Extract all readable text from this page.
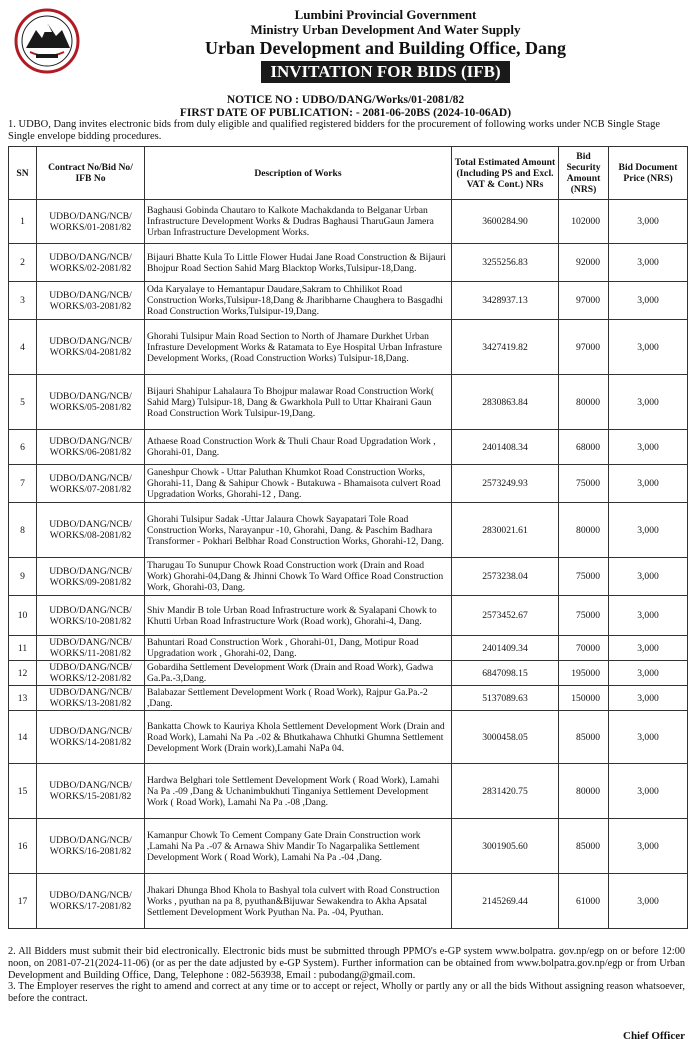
Lumbini Provincial Government
Ministry Urban Development And Water Supply
Urban Development and Building Office, Dang
INVITATION FOR BIDS (IFB)
NOTICE NO : UDBO/DANG/Works/01-2081/82
FIRST DATE OF PUBLICATION: - 2081-06-20BS (2024-10-06AD)
1. UDBO, Dang invites electronic bids from duly eligible and qualified registered bidders for the procurement of following works under NCB Single Stage Single envelope bidding procedures.
SN	Contract No/Bid No/ IFB No	Description of Works	Total Estimated Amount (Including PS and Excl. VAT & Cont.) NRs	Bid Security Amount (NRS)	Bid Document Price (NRS)
1	UDBO/DANG/NCB/ WORKS/01-2081/82	Baghausi Gobinda Chautaro to Kalkote Machakdanda to Belganar Urban Infrastructure Development Works & Dudras Baghausi TharuGaun Jamera Urban Infrastructure Development Works.	3600284.90	102000	3,000
2	UDBO/DANG/NCB/ WORKS/02-2081/82	Bijauri Bhatte Kula To Little Flower Hudai Jane Road Construction & Bijauri Bhojpur Road Section Sahid Marg Blacktop Works,Tulsipur-18,Dang.	3255256.83	92000	3,000
3	UDBO/DANG/NCB/ WORKS/03-2081/82	Oda Karyalaye to Hemantapur Daudare,Sakram to Chhilikot Road Construction Works,Tulsipur-18,Dang & Jharibharne Chaughera to Basgadhi Road Construction Works,Tulsipur-19,Dang.	3428937.13	97000	3,000
4	UDBO/DANG/NCB/ WORKS/04-2081/82	Ghorahi Tulsipur Main Road Section to North of Jhamare Durkhet Urban Infrasture Development Works & Ratamata to Eye Hospital Urban Infrasture Development Works, (Road Construction Works) Tulsipur-18,Dang.	3427419.82	97000	3,000
5	UDBO/DANG/NCB/ WORKS/05-2081/82	Bijauri Shahipur Lahalaura To Bhojpur malawar Road Construction Work( Sahid Marg) Tulsipur-18, Dang & Gwarkhola Pull to Uttar Khairani Gaun Road Construction Work Tulsipur-19,Dang.	2830863.84	80000	3,000
6	UDBO/DANG/NCB/ WORKS/06-2081/82	Athaese Road Construction Work & Thuli Chaur Road Upgradation Work , Ghorahi-01, Dang.	2401408.34	68000	3,000
7	UDBO/DANG/NCB/ WORKS/07-2081/82	Ganeshpur Chowk - Uttar Paluthan Khumkot Road Construction Works, Ghorahi-11, Dang & Sahipur Chowk - Butakuwa - Bhamaisota culvert Road Upgradation Works, Ghorahi-12 , Dang.	2573249.93	75000	3,000
8	UDBO/DANG/NCB/ WORKS/08-2081/82	Ghorahi Tulsipur Sadak -Uttar Jalaura Chowk Sayapatari Tole Road Construction Works, Narayanpur -10, Ghorahi, Dang. & Paschim Badhara Transformer - Pokhari Belbhar Road Construction Works, Ghorahi-12, Dang.	2830021.61	80000	3,000
9	UDBO/DANG/NCB/ WORKS/09-2081/82	Tharugau To Sunupur Chowk Road Construction work (Drain and Road Work) Ghorahi-04,Dang & Jhinni Chowk To Ward Office Road Construction Work, Ghorahi-03, Dang.	2573238.04	75000	3,000
10	UDBO/DANG/NCB/ WORKS/10-2081/82	Shiv Mandir B tole Urban Road Infrastructure work & Syalapani Chowk to Khutti Urban Road Infrastructure Work (Road work), Ghorahi-4, Dang.	2573452.67	75000	3,000
11	UDBO/DANG/NCB/ WORKS/11-2081/82	Bahuntari Road Construction Work , Ghorahi-01, Dang, Motipur Road Upgradation work , Ghorahi-02, Dang.	2401409.34	70000	3,000
12	UDBO/DANG/NCB/ WORKS/12-2081/82	Gobardiha Settlement Development Work (Drain and Road Work), Gadwa Ga.Pa.-3,Dang.	6847098.15	195000	3,000
13	UDBO/DANG/NCB/ WORKS/13-2081/82	Balabazar Settlement Development Work ( Road Work), Rajpur Ga.Pa.-2 ,Dang.	5137089.63	150000	3,000
14	UDBO/DANG/NCB/ WORKS/14-2081/82	Bankatta Chowk to Kauriya Khola Settlement Development Work (Drain and Road Work), Lamahi Na Pa .-02 & Bhutkahawa Chhutki Ghumna Settlement Development Work (Drain work),Lamahi NaPa 04.	3000458.05	85000	3,000
15	UDBO/DANG/NCB/ WORKS/15-2081/82	Hardwa Belghari tole Settlement Development Work ( Road Work), Lamahi Na Pa .-09 ,Dang & Uchanimbukhuti Tinganiya Settlement Development Work ( Road Work), Lamahi Na Pa .-08 ,Dang.	2831420.75	80000	3,000
16	UDBO/DANG/NCB/ WORKS/16-2081/82	Kamanpur Chowk To Cement Company Gate Drain Construction work ,Lamahi Na Pa .-07 & Arnawa Shiv Mandir To Nagarpalika Settlement Development Work ( Road Work), Lamahi Na Pa .-04 ,Dang.	3001905.60	85000	3,000
17	UDBO/DANG/NCB/ WORKS/17-2081/82	Jhakari Dhunga Bhod Khola to Bashyal tola culvert with Road Construction Works , pyuthan na pa 8, pyuthan&Bijuwar Sewakendra to Akha Apsatal Settlement Development Work Pyuthan Na. Pa. -04, Pyuthan.	2145269.44	61000	3,000

2. All Bidders must submit their bid electronically. Electronic bids must be submitted through PPMO's e-GP system www.bolpatra. gov.np/egp on or before 12:00 noon, on 2081-07-21(2024-11-06) (or as per the date adjusted by e-GP System). Further information can be obtained from www.bolpatra.gov.np/egp or from Urban Development and Building Office, Dang, Telephone : 082-563938, Email : pubodang@gmail.com.

3. The Employer reserves the right to amend and correct at any time or to accept or reject, Wholly or partly any or all the bids Without assigning reason whatsoever, before the contract.

Chief Officer
